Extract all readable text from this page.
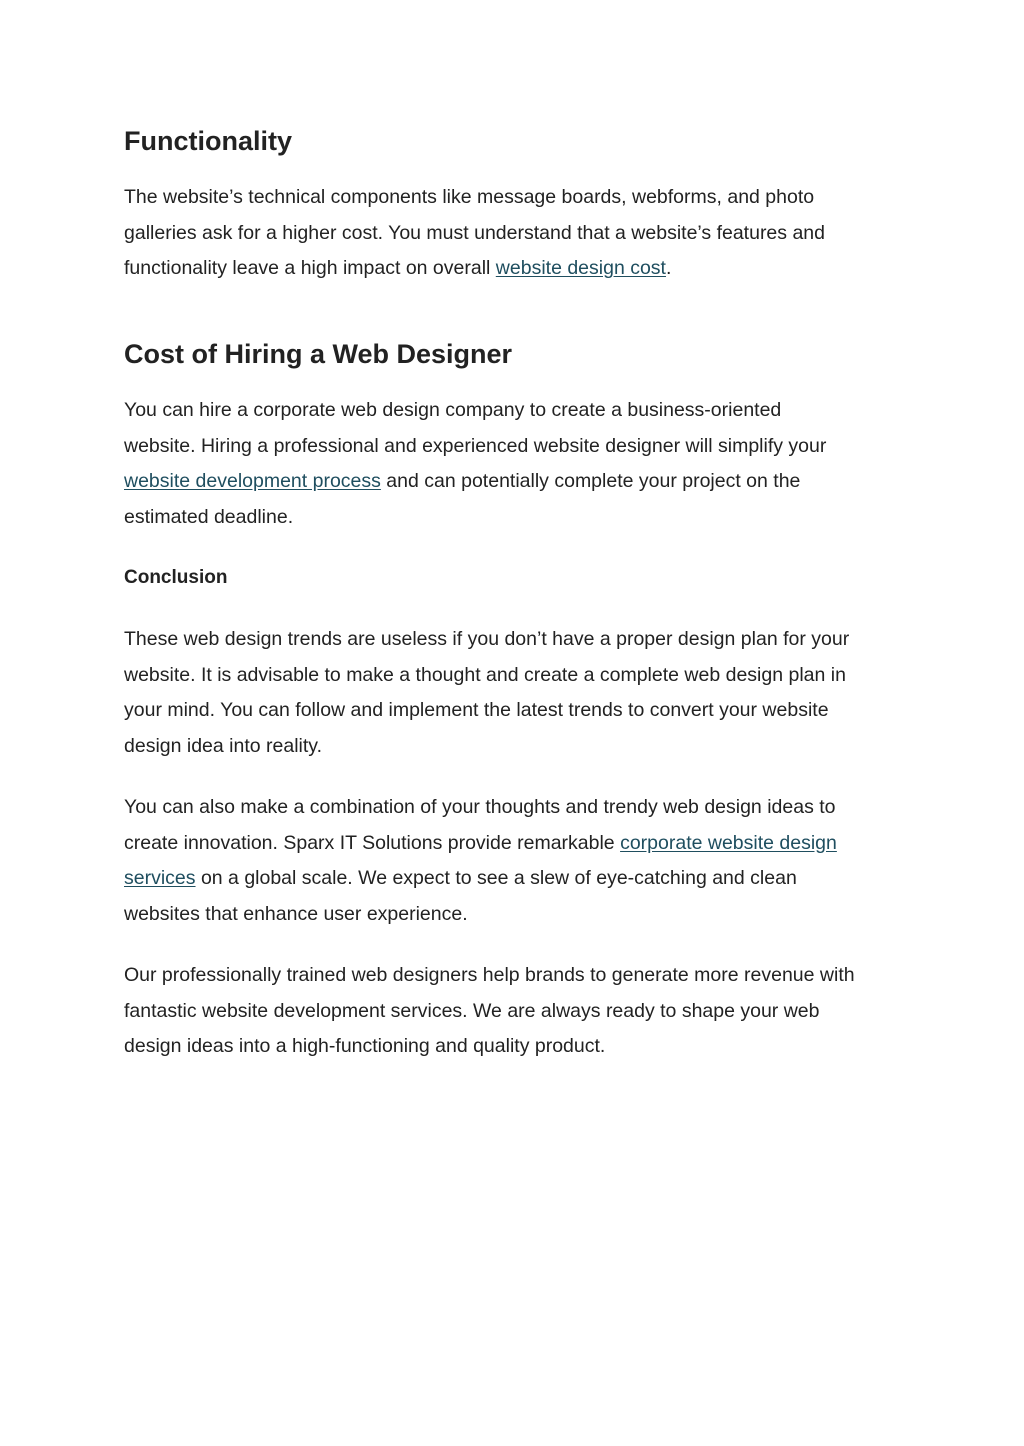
Functionality

The website’s technical components like message boards, webforms, and photo
galleries ask for a higher cost. You must understand that a website’s features and
functionality leave a high impact on overall website design cost.

Cost of Hiring a Web Designer

You can hire a corporate web design company to create a business-oriented
website. Hiring a professional and experienced website designer will simplify your
website development process and can potentially complete your project on the
estimated deadline.

Conclusion

These web design trends are useless if you don’t have a proper design plan for your
website. It is advisable to make a thought and create a complete web design plan in
your mind. You can follow and implement the latest trends to convert your website
design idea into reality.

You can also make a combination of your thoughts and trendy web design ideas to
create innovation. Sparx IT Solutions provide remarkable corporate website design
services on a global scale. We expect to see a slew of eye-catching and clean
websites that enhance user experience.

Our professionally trained web designers help brands to generate more revenue with
fantastic website development services. We are always ready to shape your web
design ideas into a high-functioning and quality product.
